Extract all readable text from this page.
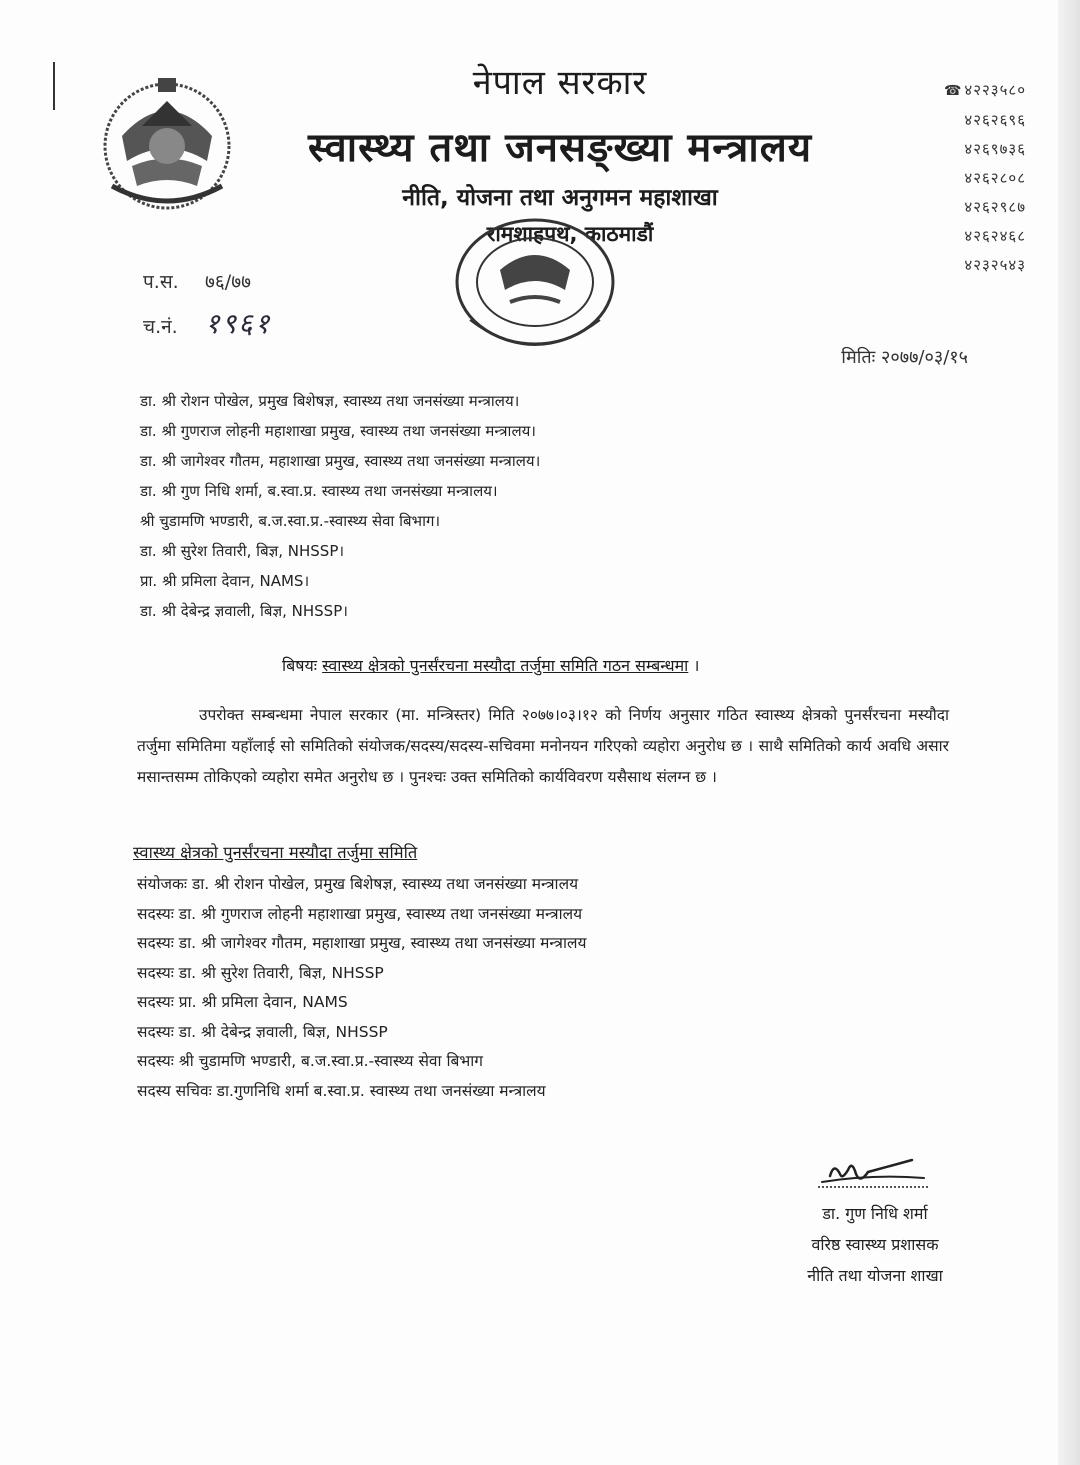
नेपाल सरकार
स्वास्थ्य तथा जनसङ्ख्या मन्त्रालय
नीति, योजना तथा अनुगमन महाशाखा
रामशाहपथ, काठमाडौं
☎ ४२२३५८०
४२६२६९६
४२६९७३६
४२६२८०८
४२६२९८७
४२६२४६८
४२३२५४३
प.स. ७६/७७
च.नं. १९६१
मितिः २०७७/०३/१५
डा. श्री रोशन पोखेल, प्रमुख बिशेषज्ञ, स्वास्थ्य तथा जनसंख्या मन्त्रालय।
डा. श्री गुणराज लोहनी महाशाखा प्रमुख, स्वास्थ्य तथा जनसंख्या मन्त्रालय।
डा. श्री जागेश्वर गौतम, महाशाखा प्रमुख, स्वास्थ्य तथा जनसंख्या मन्त्रालय।
डा. श्री गुण निधि शर्मा, ब.स्वा.प्र. स्वास्थ्य तथा जनसंख्या मन्त्रालय।
श्री चुडामणि भण्डारी, ब.ज.स्वा.प्र.-स्वास्थ्य सेवा बिभाग।
डा. श्री सुरेश तिवारी, बिज्ञ, NHSSP।
प्रा. श्री प्रमिला देवान, NAMS।
डा. श्री देबेन्द्र ज्ञवाली, बिज्ञ, NHSSP।
बिषयः स्वास्थ्य क्षेत्रको पुनर्संरचना मस्यौदा तर्जुमा समिति गठन सम्बन्धमा ।
उपरोक्त सम्बन्धमा नेपाल सरकार (मा. मन्त्रिस्तर) मिति २०७७।०३।१२ को निर्णय अनुसार गठित स्वास्थ्य क्षेत्रको पुनर्संरचना मस्यौदा तर्जुमा समितिमा यहाँलाई सो समितिको संयोजक/सदस्य/सदस्य-सचिवमा मनोनयन गरिएको व्यहोरा अनुरोध छ । साथै समितिको कार्य अवधि असार मसान्तसम्म तोकिएको व्यहोरा समेत अनुरोध छ । पुनश्चः उक्त समितिको कार्यविवरण यसैसाथ संलग्न छ ।
स्वास्थ्य क्षेत्रको पुनर्संरचना मस्यौदा तर्जुमा समिति
संयोजकः डा. श्री रोशन पोखेल, प्रमुख बिशेषज्ञ, स्वास्थ्य तथा जनसंख्या मन्त्रालय
सदस्यः डा. श्री गुणराज लोहनी महाशाखा प्रमुख, स्वास्थ्य तथा जनसंख्या मन्त्रालय
सदस्यः डा. श्री जागेश्वर गौतम, महाशाखा प्रमुख, स्वास्थ्य तथा जनसंख्या मन्त्रालय
सदस्यः डा. श्री सुरेश तिवारी, बिज्ञ, NHSSP
सदस्यः प्रा. श्री प्रमिला देवान, NAMS
सदस्यः डा. श्री देबेन्द्र ज्ञवाली, बिज्ञ, NHSSP
सदस्यः श्री चुडामणि भण्डारी, ब.ज.स्वा.प्र.-स्वास्थ्य सेवा बिभाग
सदस्य सचिवः डा.गुणनिधि शर्मा ब.स्वा.प्र. स्वास्थ्य तथा जनसंख्या मन्त्रालय
डा. गुण निधि शर्मा
वरिष्ठ स्वास्थ्य प्रशासक
नीति तथा योजना शाखा
